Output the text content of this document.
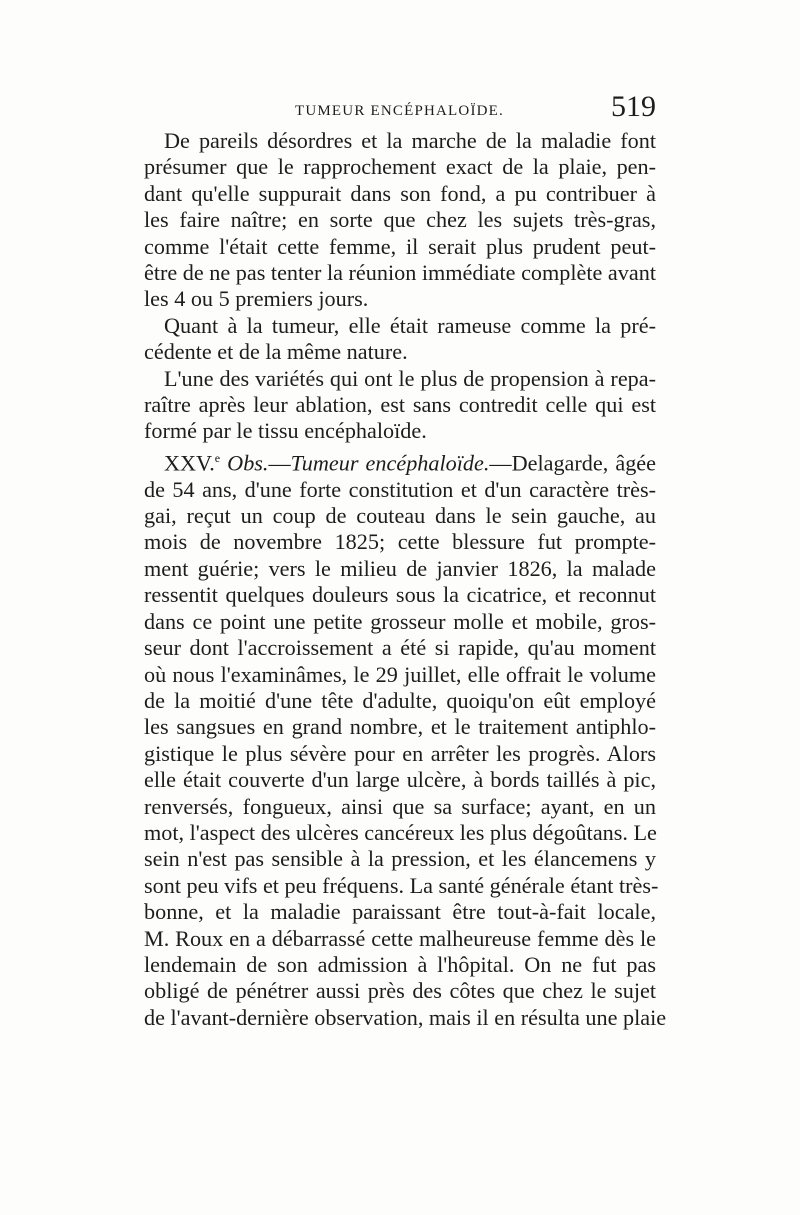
TUMEUR ENCÉPHALOÏDE.	519
De pareils désordres et la marche de la maladie font
présumer que le rapprochement exact de la plaie, pen-
dant qu'elle suppurait dans son fond, a pu contribuer à
les faire naître; en sorte que chez les sujets très-gras,
comme l'était cette femme, il serait plus prudent peut-
être de ne pas tenter la réunion immédiate complète avant
les 4 ou 5 premiers jours.
Quant à la tumeur, elle était rameuse comme la pré-
cédente et de la même nature.
L'une des variétés qui ont le plus de propension à repa-
raître après leur ablation, est sans contredit celle qui est
formé par le tissu encéphaloïde.
XXV.$^e$ Obs.—Tumeur encéphaloïde.—Delagarde, âgée
de 54 ans, d'une forte constitution et d'un caractère très-
gai, reçut un coup de couteau dans le sein gauche, au
mois de novembre 1825; cette blessure fut prompte-
ment guérie; vers le milieu de janvier 1826, la malade
ressentit quelques douleurs sous la cicatrice, et reconnut
dans ce point une petite grosseur molle et mobile, gros-
seur dont l'accroissement a été si rapide, qu'au moment
où nous l'examinâmes, le 29 juillet, elle offrait le volume
de la moitié d'une tête d'adulte, quoiqu'on eût employé
les sangsues en grand nombre, et le traitement antiphlo-
gistique le plus sévère pour en arrêter les progrès. Alors
elle était couverte d'un large ulcère, à bords taillés à pic,
renversés, fongueux, ainsi que sa surface; ayant, en un
mot, l'aspect des ulcères cancéreux les plus dégoûtans. Le
sein n'est pas sensible à la pression, et les élancemens y
sont peu vifs et peu fréquens. La santé générale étant très-
bonne, et la maladie paraissant être tout-à-fait locale,
M. Roux en a débarrassé cette malheureuse femme dès le
lendemain de son admission à l'hôpital. On ne fut pas
obligé de pénétrer aussi près des côtes que chez le sujet
de l'avant-dernière observation, mais il en résulta une plaie
